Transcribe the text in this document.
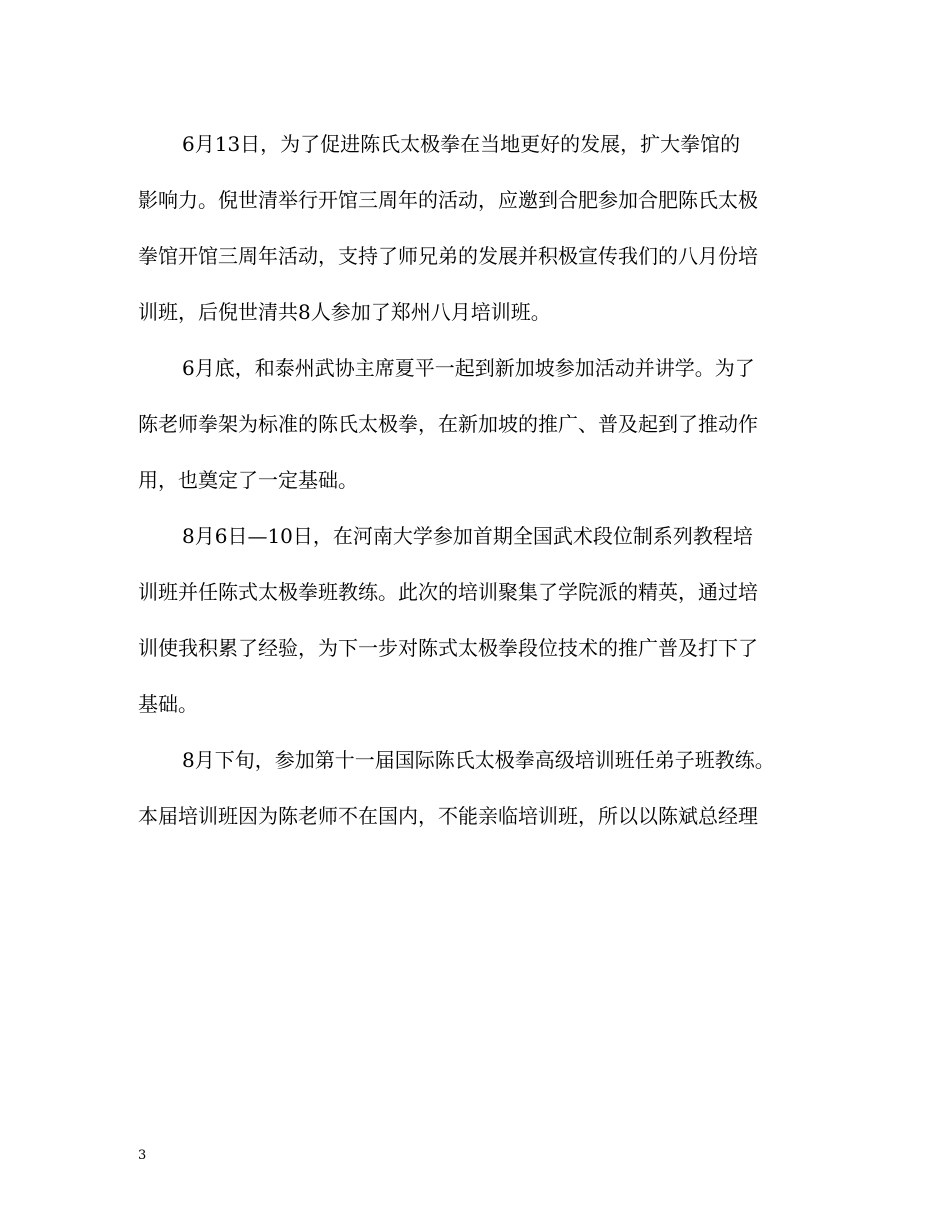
6月13日，为了促进陈氏太极拳在当地更好的发展，扩大拳馆的
影响力。倪世清举行开馆三周年的活动，应邀到合肥参加合肥陈氏太极
拳馆开馆三周年活动，支持了师兄弟的发展并积极宣传我们的八月份培
训班，后倪世清共8人参加了郑州八月培训班。
6月底，和泰州武协主席夏平一起到新加坡参加活动并讲学。为了
陈老师拳架为标准的陈氏太极拳，在新加坡的推广、普及起到了推动作
用，也奠定了一定基础。
8月6日—10日，在河南大学参加首期全国武术段位制系列教程培
训班并任陈式太极拳班教练。此次的培训聚集了学院派的精英，通过培
训使我积累了经验，为下一步对陈式太极拳段位技术的推广普及打下了
基础。
8月下旬，参加第十一届国际陈氏太极拳高级培训班任弟子班教练。
本届培训班因为陈老师不在国内，不能亲临培训班，所以以陈斌总经理
3
